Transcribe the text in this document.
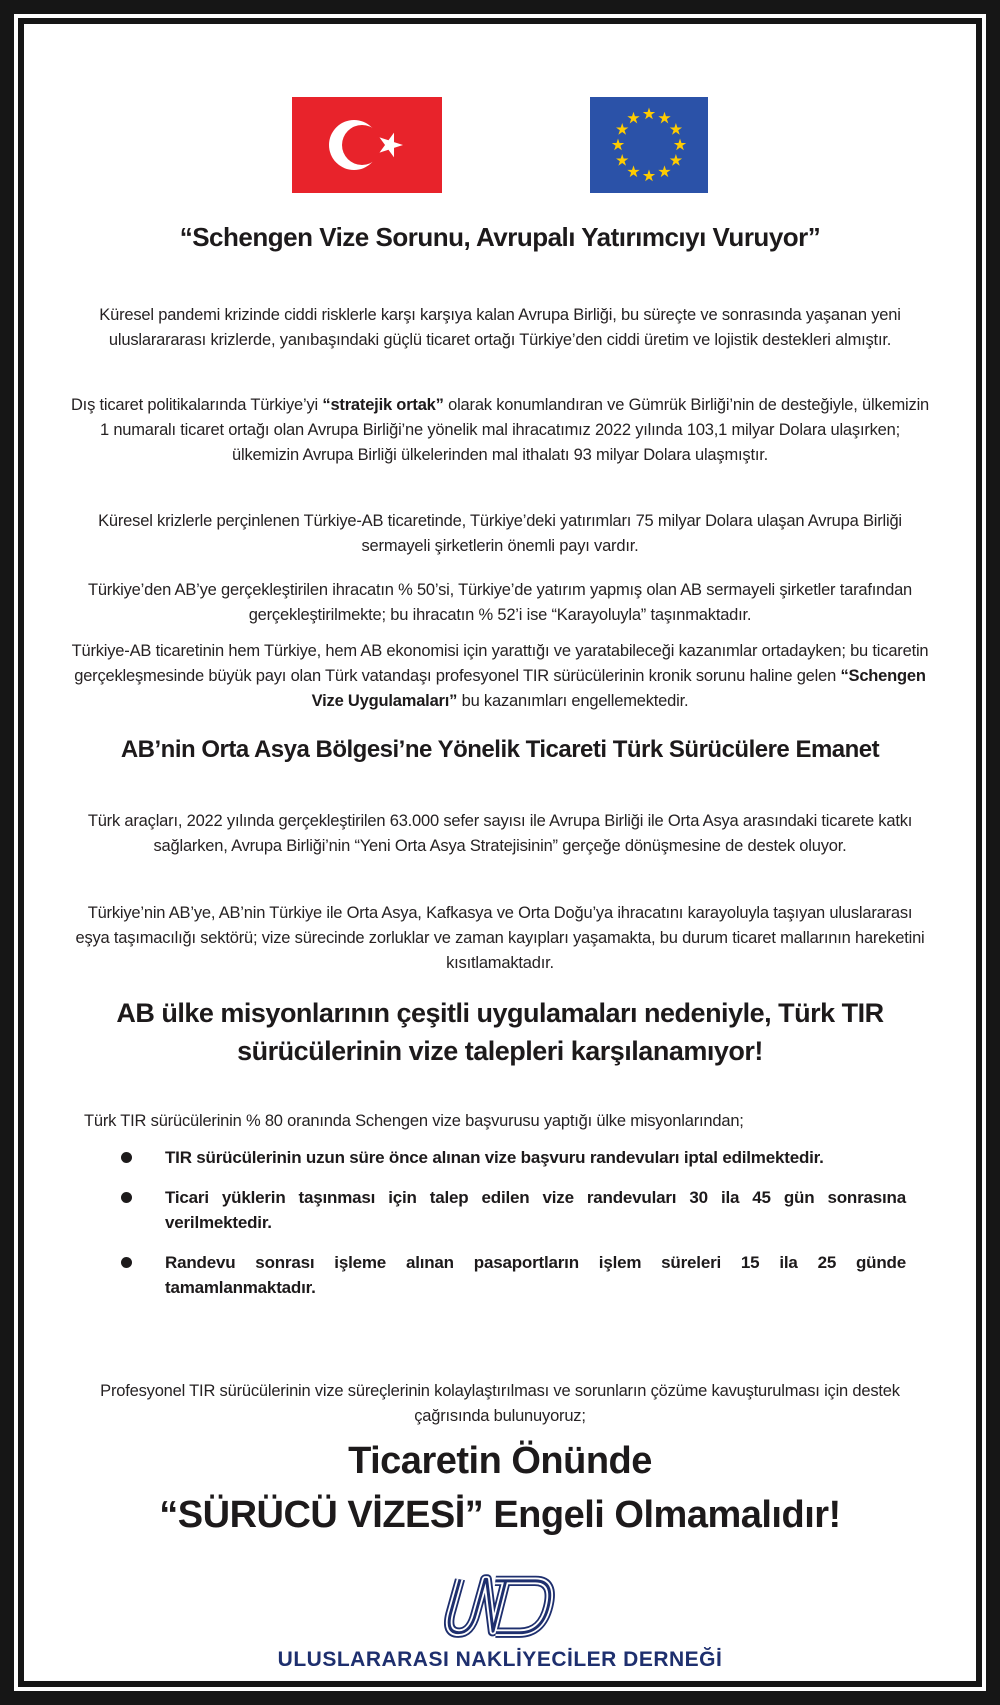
“Schengen Vize Sorunu, Avrupalı Yatırımcıyı Vuruyor”

Küresel pandemi krizinde ciddi risklerle karşı karşıya kalan Avrupa Birliği, bu süreçte ve sonrasında yaşanan yeni uluslarararası krizlerde, yanıbaşındaki güçlü ticaret ortağı Türkiye’den ciddi üretim ve lojistik destekleri almıştır.

Dış ticaret politikalarında Türkiye’yi “stratejik ortak” olarak konumlandıran ve Gümrük Birliği’nin de desteğiyle, ülkemizin 1 numaralı ticaret ortağı olan Avrupa Birliği’ne yönelik mal ihracatımız 2022 yılında 103,1 milyar Dolara ulaşırken; ülkemizin Avrupa Birliği ülkelerinden mal ithalatı 93 milyar Dolara ulaşmıştır.

Küresel krizlerle perçinlenen Türkiye-AB ticaretinde, Türkiye’deki yatırımları 75 milyar Dolara ulaşan Avrupa Birliği sermayeli şirketlerin önemli payı vardır.

Türkiye’den AB’ye gerçekleştirilen ihracatın % 50’si, Türkiye’de yatırım yapmış olan AB sermayeli şirketler tarafından gerçekleştirilmekte; bu ihracatın % 52’i ise “Karayoluyla” taşınmaktadır.

Türkiye-AB ticaretinin hem Türkiye, hem AB ekonomisi için yarattığı ve yaratabileceği kazanımlar ortadayken; bu ticaretin gerçekleşmesinde büyük payı olan Türk vatandaşı profesyonel TIR sürücülerinin kronik sorunu haline gelen “Schengen Vize Uygulamaları” bu kazanımları engellemektedir.

AB’nin Orta Asya Bölgesi’ne Yönelik Ticareti Türk Sürücülere Emanet

Türk araçları, 2022 yılında gerçekleştirilen 63.000 sefer sayısı ile Avrupa Birliği ile Orta Asya arasındaki ticarete katkı sağlarken, Avrupa Birliği’nin “Yeni Orta Asya Stratejisinin” gerçeğe dönüşmesine de destek oluyor.

Türkiye’nin AB’ye, AB’nin Türkiye ile Orta Asya, Kafkasya ve Orta Doğu’ya ihracatını karayoluyla taşıyan uluslararası eşya taşımacılığı sektörü; vize sürecinde zorluklar ve zaman kayıpları yaşamakta, bu durum ticaret mallarının hareketini kısıtlamaktadır.

AB ülke misyonlarının çeşitli uygulamaları nedeniyle, Türk TIR sürücülerinin vize talepleri karşılanamıyor!

Türk TIR sürücülerinin % 80 oranında Schengen vize başvurusu yaptığı ülke misyonlarından;

TIR sürücülerinin uzun süre önce alınan vize başvuru randevuları iptal edilmektedir.
Ticari yüklerin taşınması için talep edilen vize randevuları 30 ila 45 gün sonrasına verilmektedir.
Randevu sonrası işleme alınan pasaportların işlem süreleri 15 ila 25 günde tamamlanmaktadır.

Profesyonel TIR sürücülerinin vize süreçlerinin kolaylaştırılması ve sorunların çözüme kavuşturulması için destek çağrısında bulunuyoruz;

Ticaretin Önünde
“SÜRÜCÜ VİZESİ” Engeli Olmamalıdır!
ULUSLARARASI NAKLİYECİLER DERNEĞİ
